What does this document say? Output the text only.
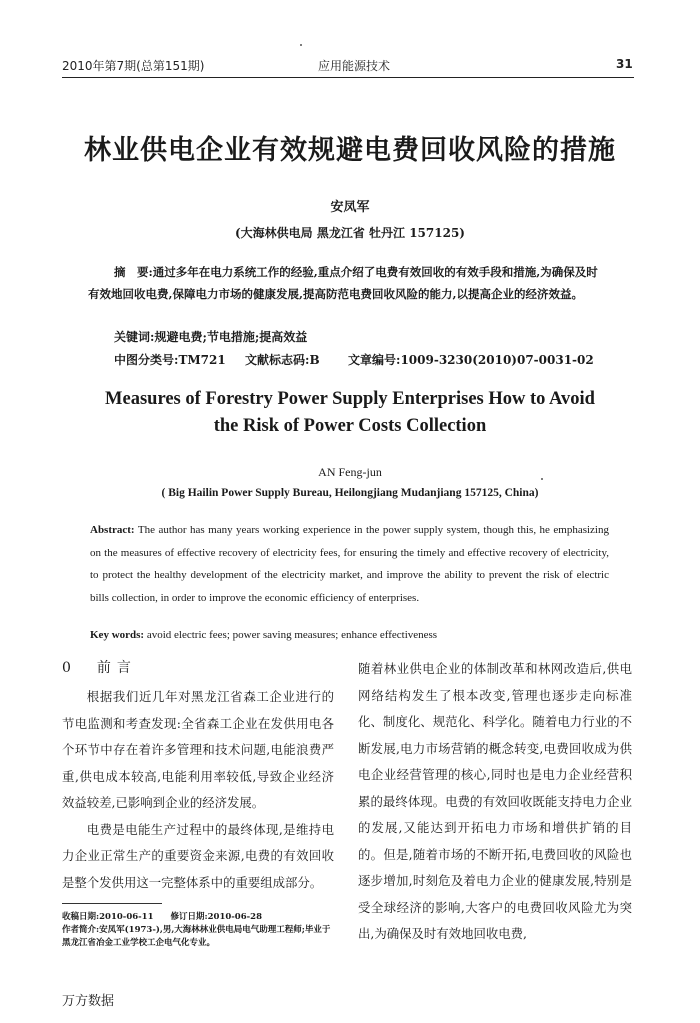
2010年第7期(总第151期)	应用能源技术	31
林业供电企业有效规避电费回收风险的措施
安凤军
(大海林供电局 黑龙江省 牡丹江 157125)
摘　要:通过多年在电力系统工作的经验,重点介绍了电费有效回收的有效手段和措施,为确保及时有效地回收电费,保障电力市场的健康发展,提高防范电费回收风险的能力,以提高企业的经济效益。
关键词:规避电费;节电措施;提高效益
中图分类号:TM721 文献标志码:B 文章编号:1009-3230(2010)07-0031-02
Measures of Forestry Power Supply Enterprises How to Avoid
the Risk of Power Costs Collection
AN Feng-jun
( Big Hailin Power Supply Bureau, Heilongjiang Mudanjiang 157125, China)
Abstract: The author has many years working experience in the power supply system, though this, he emphasizing on the measures of effective recovery of electricity fees, for ensuring the timely and effective recovery of electricity, to protect the healthy development of the electricity market, and improve the ability to prevent the risk of electric bills collection, in order to improve the economic efficiency of enterprises.
Key words: avoid electric fees; power saving measures; enhance effectiveness
0　 前言

根据我们近几年对黑龙江省森工企业进行的节电监测和考查发现:全省森工企业在发供用电各个环节中存在着许多管理和技术问题,电能浪费严重,供电成本较高,电能利用率较低,导致企业经济效益较差,已影响到企业的经济发展。

电费是电能生产过程中的最终体现,是维持电力企业正常生产的重要资金来源,电费的有效回收是整个发供用这一完整体系中的重要组成部分。

随着林业供电企业的体制改革和林网改造后,供电网络结构发生了根本改变,管理也逐步走向标准化、制度化、规范化、科学化。随着电力行业的不断发展,电力市场营销的概念转变,电费回收成为供电企业经营管理的核心,同时也是电力企业经营积累的最终体现。电费的有效回收既能支持电力企业的发展,又能达到开拓电力市场和增供扩销的目的。但是,随着市场的不断开拓,电费回收的风险也逐步增加,时刻危及着电力企业的健康发展,特别是受全球经济的影响,大客户的电费回收风险尤为突出,为确保及时有效地回收电费,

收稿日期:2010-06-11 修订日期:2010-06-28
作者简介:安凤军(1973-),男,大海林林业供电局电气助理工程师;毕业于黑龙江省冶金工业学校工企电气化专业。
万方数据
